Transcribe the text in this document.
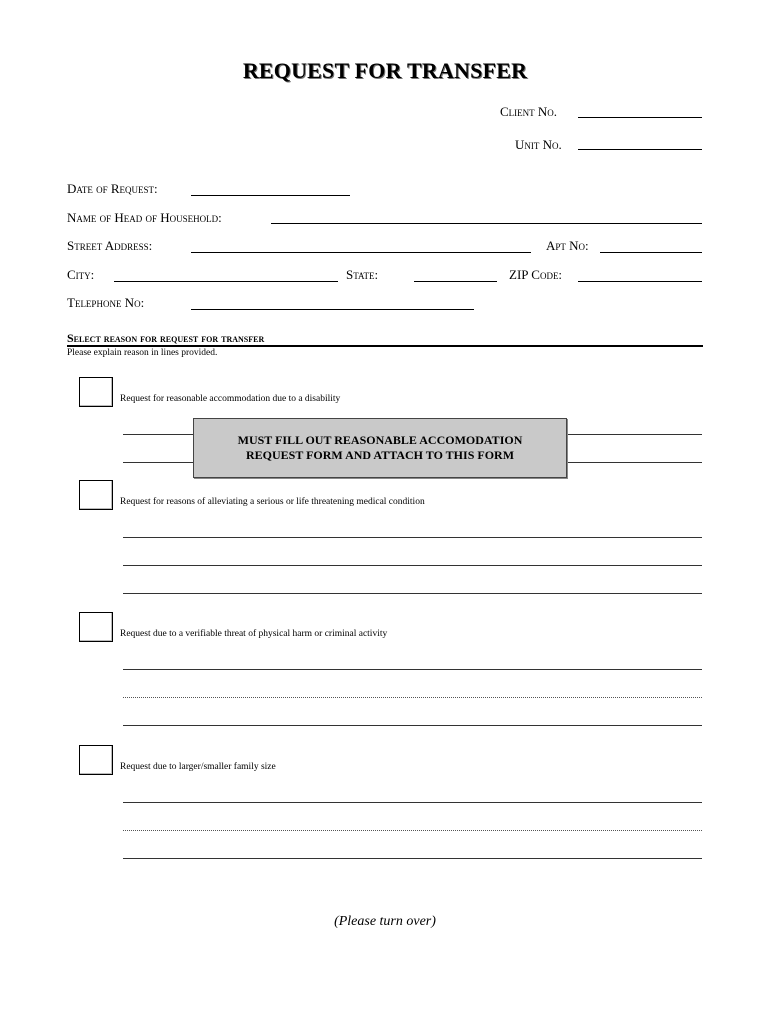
REQUEST FOR TRANSFER
Client No.
Unit No.
Date of Request:
Name of Head of Household:
Street Address:	Apt No:
City:	State:	ZIP Code:
Telephone No:
Select reason for request for transfer
Please explain reason in lines provided.
Request for reasonable accommodation due to a disability
MUST FILL OUT REASONABLE ACCOMODATION
REQUEST FORM AND ATTACH TO THIS FORM
Request for reasons of alleviating a serious or life threatening medical condition
Request due to a verifiable threat of physical harm or criminal activity
Request due to larger/smaller family size
(Please turn over)
